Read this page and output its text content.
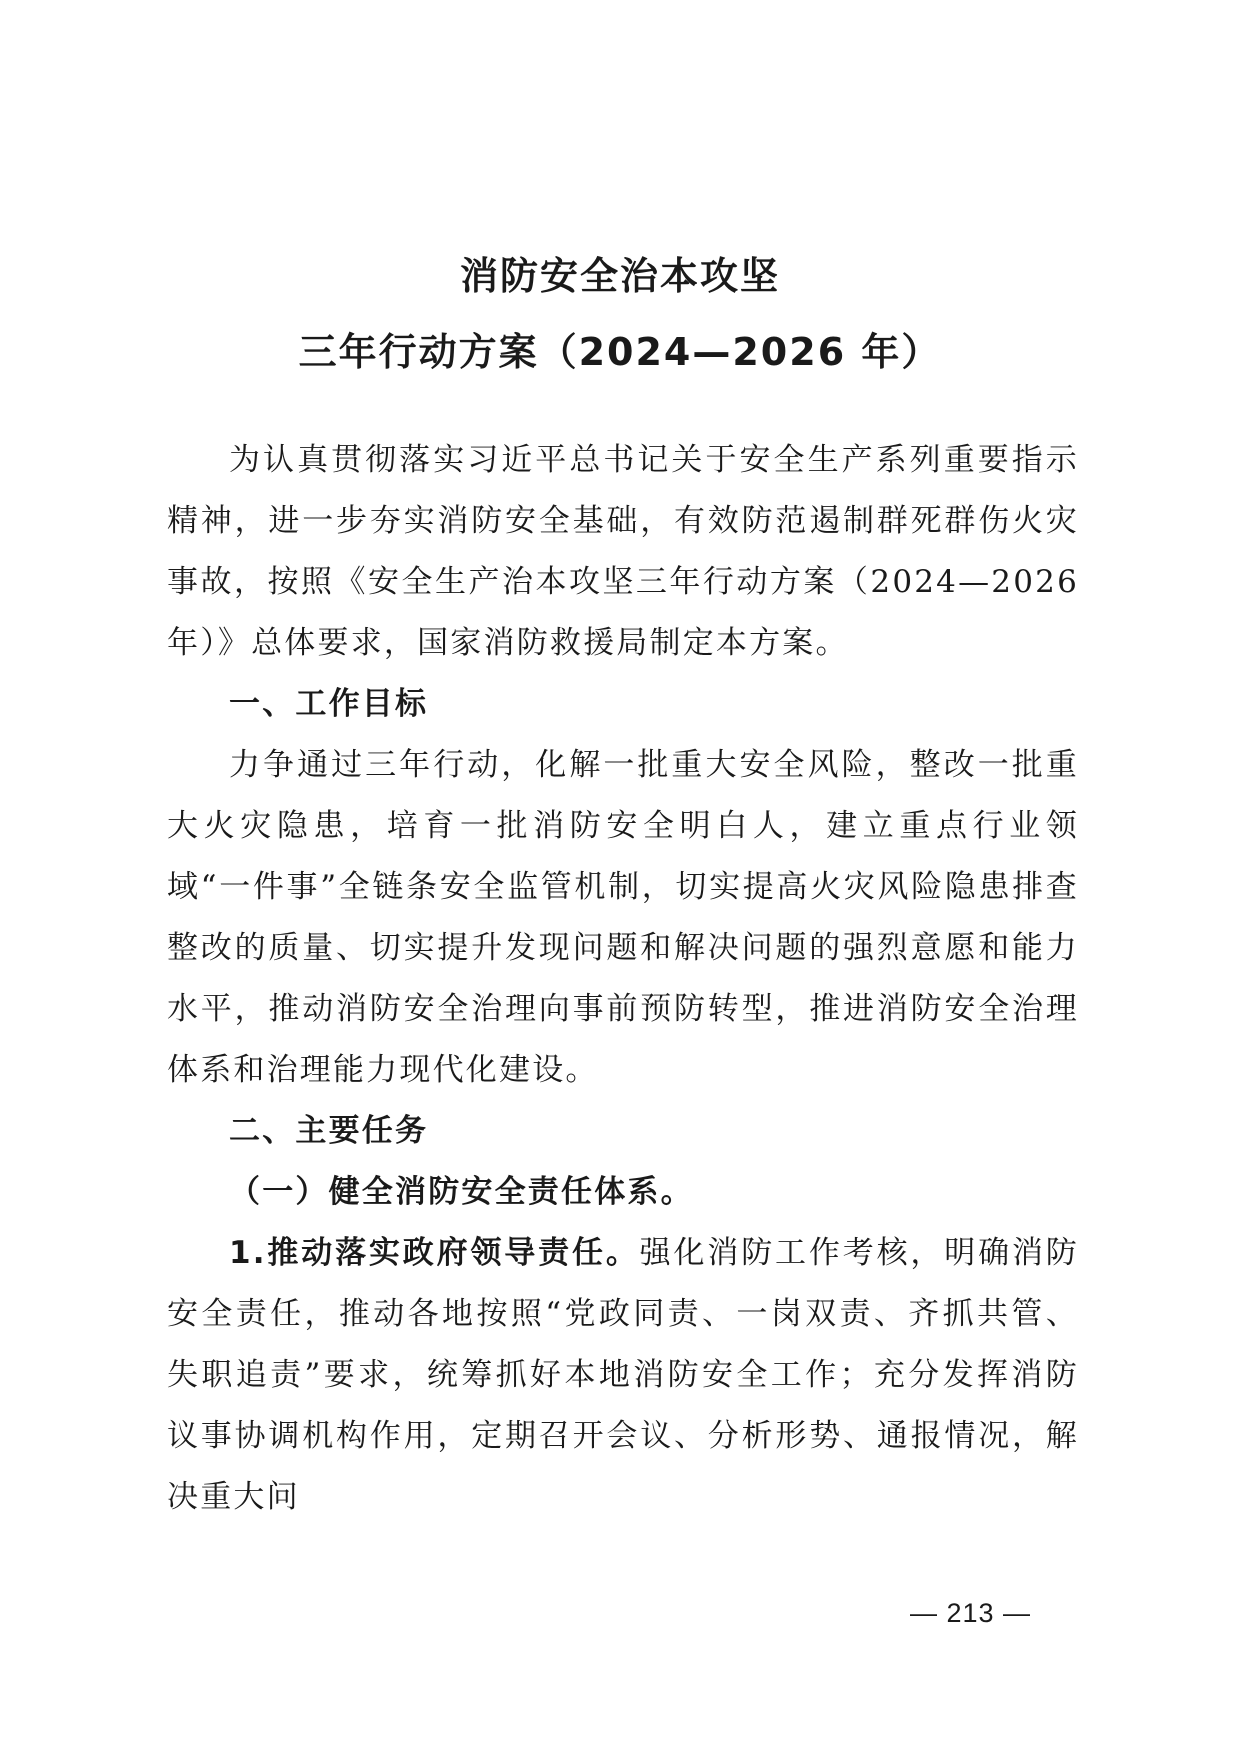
消防安全治本攻坚
三年行动方案（2024—2026 年）

为认真贯彻落实习近平总书记关于安全生产系列重要指示精神，进一步夯实消防安全基础，有效防范遏制群死群伤火灾事故，按照《安全生产治本攻坚三年行动方案（2024—2026 年）》总体要求，国家消防救援局制定本方案。

一、工作目标

力争通过三年行动，化解一批重大安全风险，整改一批重大火灾隐患，培育一批消防安全明白人，建立重点行业领域“一件事”全链条安全监管机制，切实提高火灾风险隐患排查整改的质量、切实提升发现问题和解决问题的强烈意愿和能力水平，推动消防安全治理向事前预防转型，推进消防安全治理体系和治理能力现代化建设。

二、主要任务

（一）健全消防安全责任体系。

1.推动落实政府领导责任。强化消防工作考核，明确消防安全责任，推动各地按照“党政同责、一岗双责、齐抓共管、失职追责”要求，统筹抓好本地消防安全工作；充分发挥消防议事协调机构作用，定期召开会议、分析形势、通报情况，解决重大问

— 213 —
